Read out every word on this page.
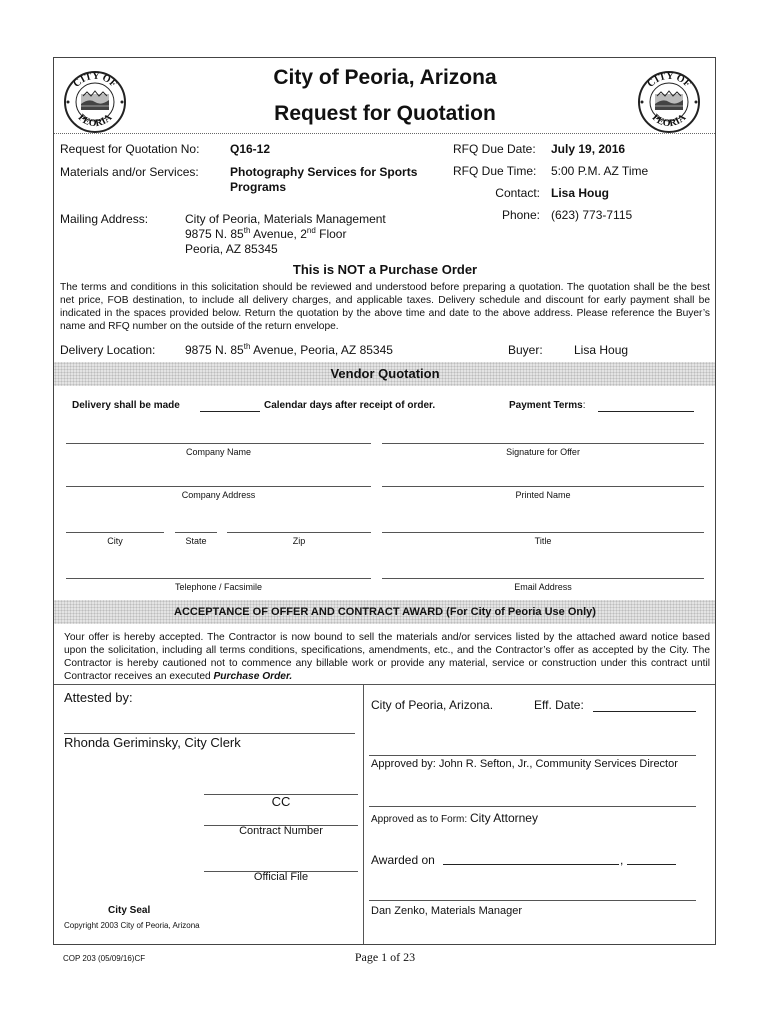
CITY OF
PEORIA
CITY OF
PEORIA
City of Peoria, Arizona
Request for Quotation
Request for Quotation No:	Q16-12
Materials and/or Services:	Photography Services for Sports
Programs
RFQ Due Date: July 19, 2016
RFQ Due Time: 5:00 P.M. AZ Time
Contact: Lisa Houg
Phone: (623) 773-7115
Mailing Address:	City of Peoria, Materials Management
9875 N. 85th Avenue, 2nd Floor
Peoria, AZ 85345
This is NOT a Purchase Order
The terms and conditions in this solicitation should be reviewed and understood before preparing a quotation. The quotation shall be the best net price, FOB destination, to include all delivery charges, and applicable taxes. Delivery schedule and discount for early payment shall be indicated in the spaces provided below. Return the quotation by the above time and date to the above address. Please reference the Buyer’s name and RFQ number on the outside of the return envelope.
Delivery Location: 9875 N. 85th Avenue, Peoria, AZ 85345	Buyer:	Lisa Houg
Vendor Quotation
Delivery shall be made	Calendar days after receipt of order.	Payment Terms:
Company Name	Signature for Offer
Company Address	Printed Name
City	State	Zip	Title
Telephone / Facsimile	Email Address
ACCEPTANCE OF OFFER AND CONTRACT AWARD (For City of Peoria Use Only)
Your offer is hereby accepted. The Contractor is now bound to sell the materials and/or services listed by the attached award notice based upon the solicitation, including all terms conditions, specifications, amendments, etc., and the Contractor’s offer as accepted by the City. The Contractor is hereby cautioned not to commence any billable work or provide any material, service or construction under this contract until Contractor receives an executed Purchase Order.
Attested by:
Rhonda Geriminsky, City Clerk
CC
Contract Number
Official File
City Seal
Copyright 2003 City of Peoria, Arizona
City of Peoria, Arizona.	Eff. Date:
Approved by: John R. Sefton, Jr., Community Services Director
Approved as to Form: City Attorney
Awarded on	,
Dan Zenko, Materials Manager
COP 203 (05/09/16)CF	Page 1 of 23
